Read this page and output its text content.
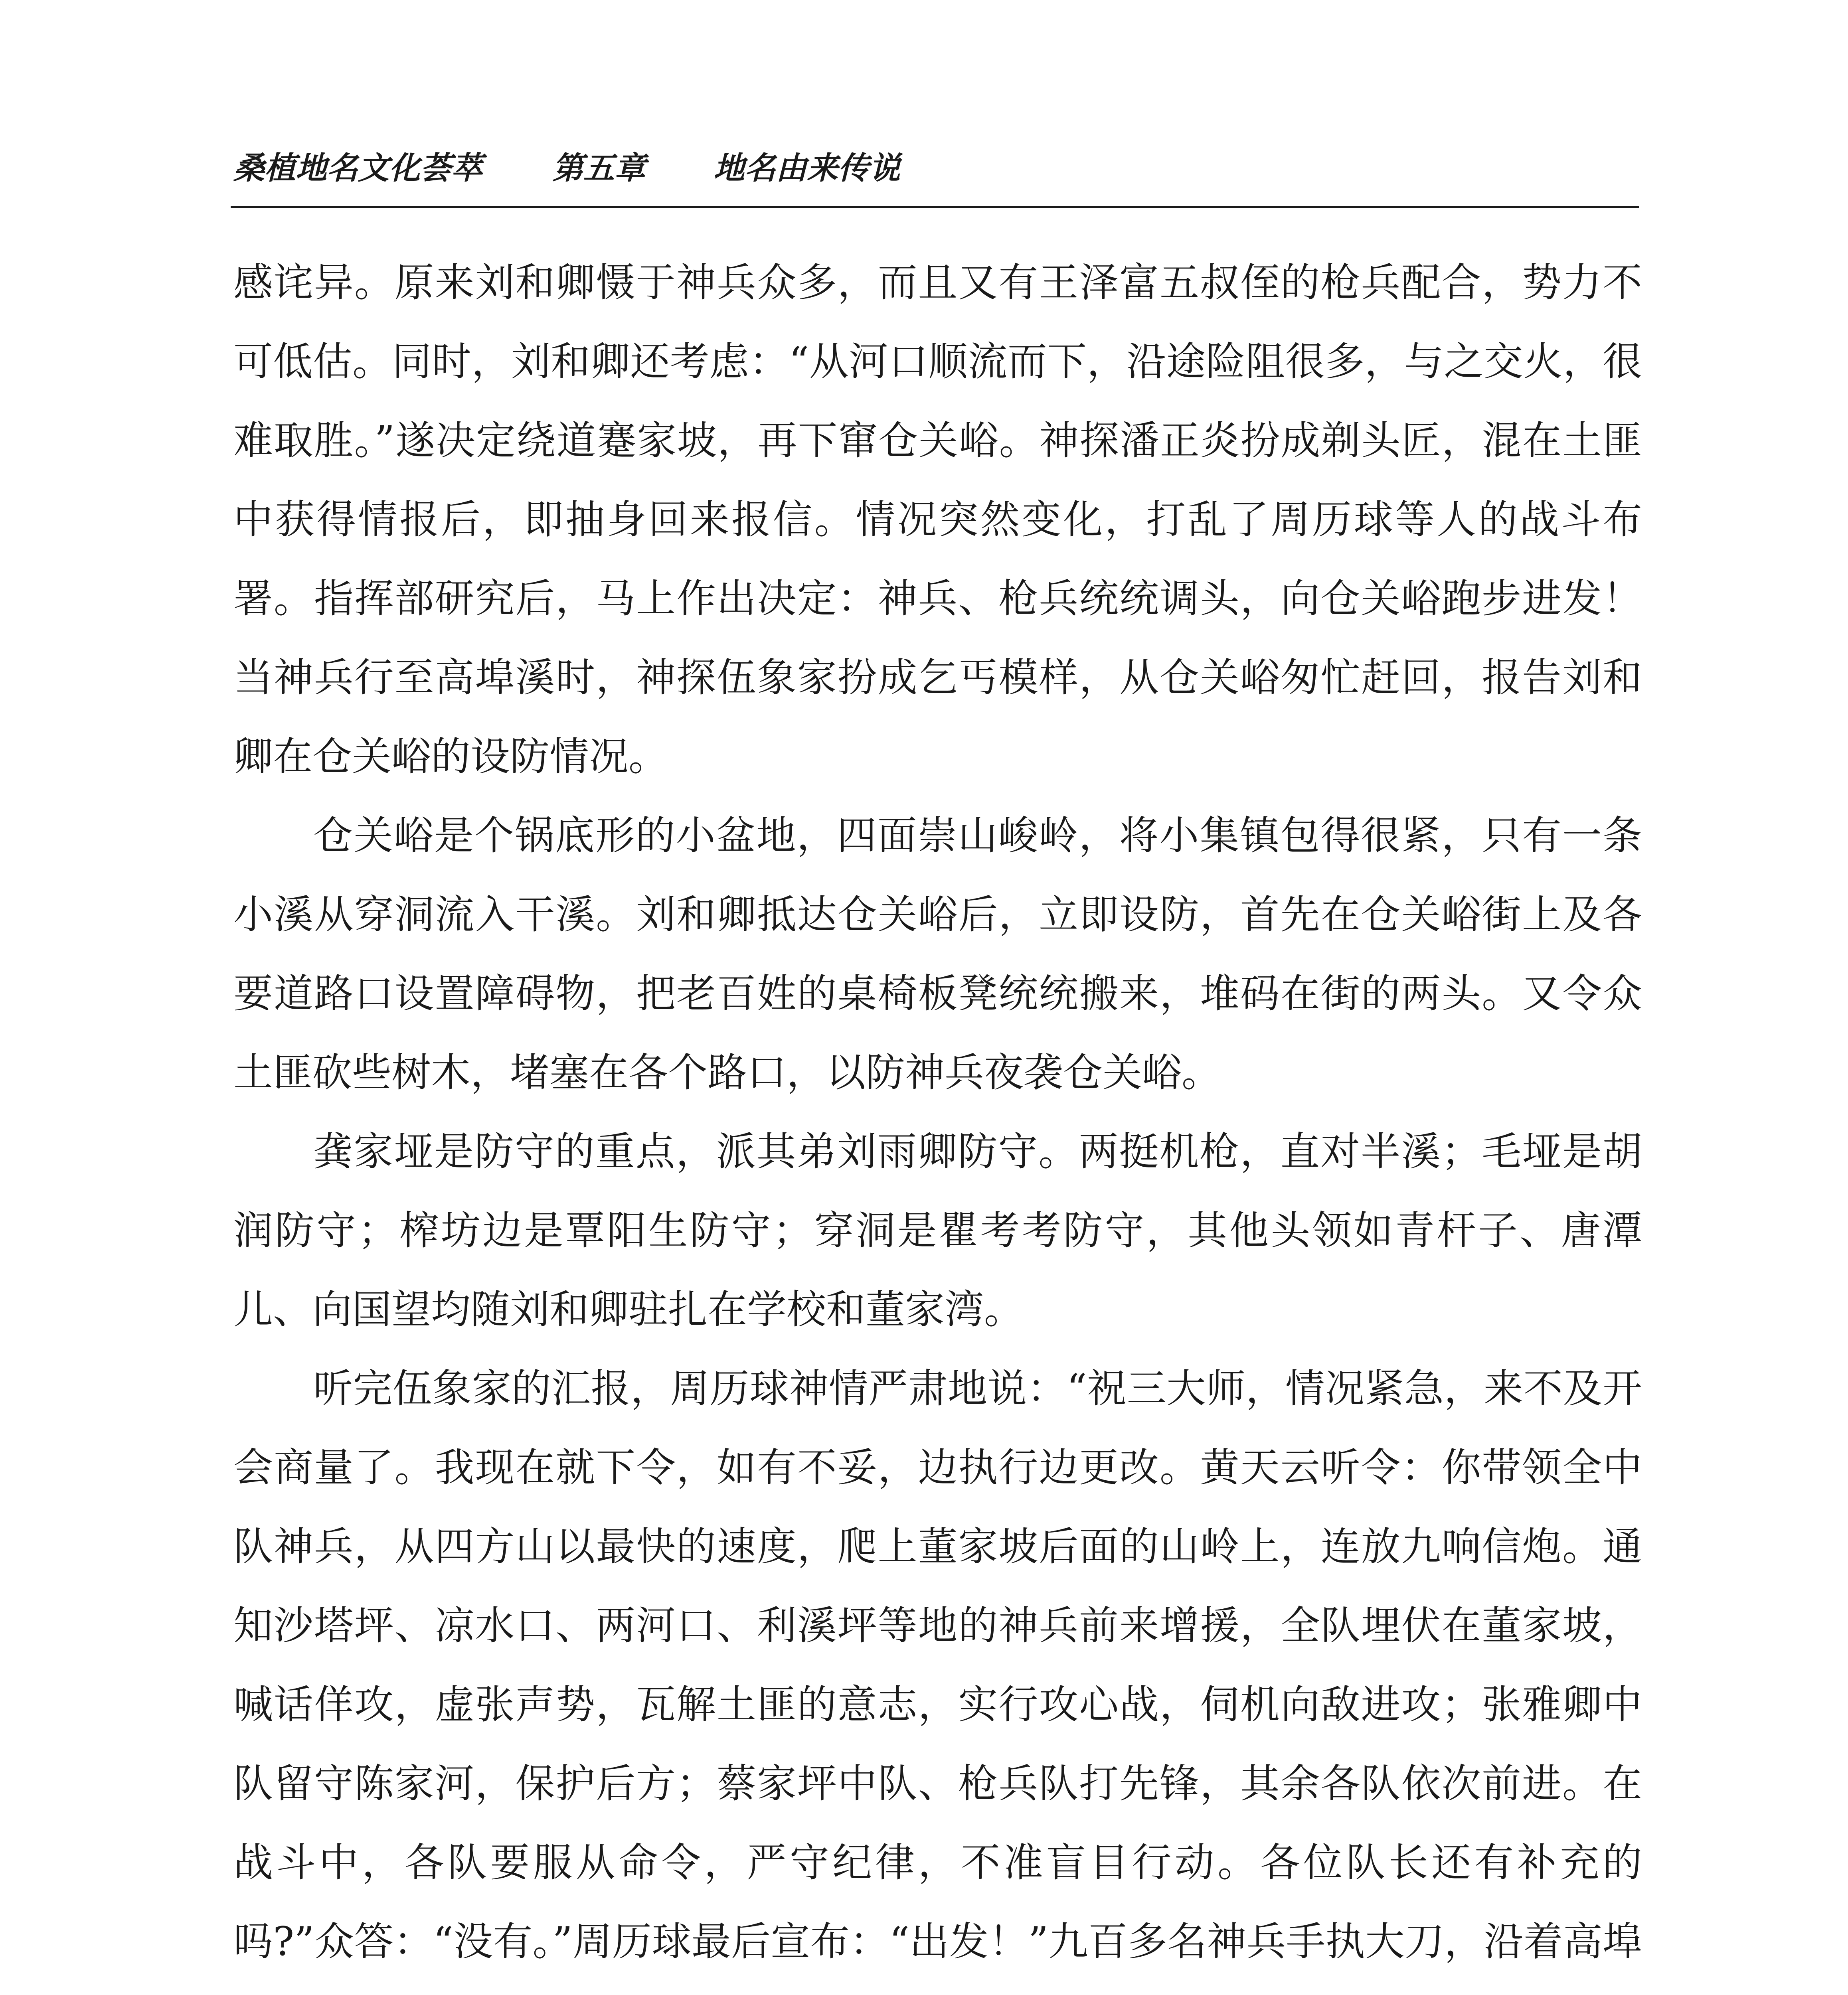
桑植地名文化荟萃 第五章 地名由来传说

感诧异。原来刘和卿慑于神兵众多，而且又有王泽富五叔侄的枪兵配合，势力不可低估。同时，刘和卿还考虑：“从河口顺流而下，沿途险阻很多，与之交火，很难取胜。”遂决定绕道蹇家坡，再下窜仓关峪。神探潘正炎扮成剃头匠，混在土匪中获得情报后，即抽身回来报信。情况突然变化，打乱了周历球等人的战斗布署。指挥部研究后，马上作出决定：神兵、枪兵统统调头，向仓关峪跑步进发！当神兵行至高埠溪时，神探伍象家扮成乞丐模样，从仓关峪匆忙赶回，报告刘和卿在仓关峪的设防情况。

仓关峪是个锅底形的小盆地，四面崇山峻岭，将小集镇包得很紧，只有一条小溪从穿洞流入干溪。刘和卿抵达仓关峪后，立即设防，首先在仓关峪街上及各要道路口设置障碍物，把老百姓的桌椅板凳统统搬来，堆码在街的两头。又令众土匪砍些树木，堵塞在各个路口，以防神兵夜袭仓关峪。

龚家垭是防守的重点，派其弟刘雨卿防守。两挺机枪，直对半溪；毛垭是胡润防守；榨坊边是覃阳生防守；穿洞是瞿考考防守，其他头领如青杆子、唐潭儿、向国望均随刘和卿驻扎在学校和董家湾。

听完伍象家的汇报，周历球神情严肃地说：“祝三大师，情况紧急，来不及开会商量了。我现在就下令，如有不妥，边执行边更改。黄天云听令：你带领全中队神兵，从四方山以最快的速度，爬上董家坡后面的山岭上，连放九响信炮。通知沙塔坪、凉水口、两河口、利溪坪等地的神兵前来增援，全队埋伏在董家坡，喊话佯攻，虚张声势，瓦解土匪的意志，实行攻心战，伺机向敌进攻；张雅卿中队留守陈家河，保护后方；蔡家坪中队、枪兵队打先锋，其余各队依次前进。在战斗中，各队要服从命令，严守纪律，不准盲目行动。各位队长还有补充的吗?”众答：“没有。”周历球最后宣布：“出发！”九百多名神兵手执大刀，沿着高埠
